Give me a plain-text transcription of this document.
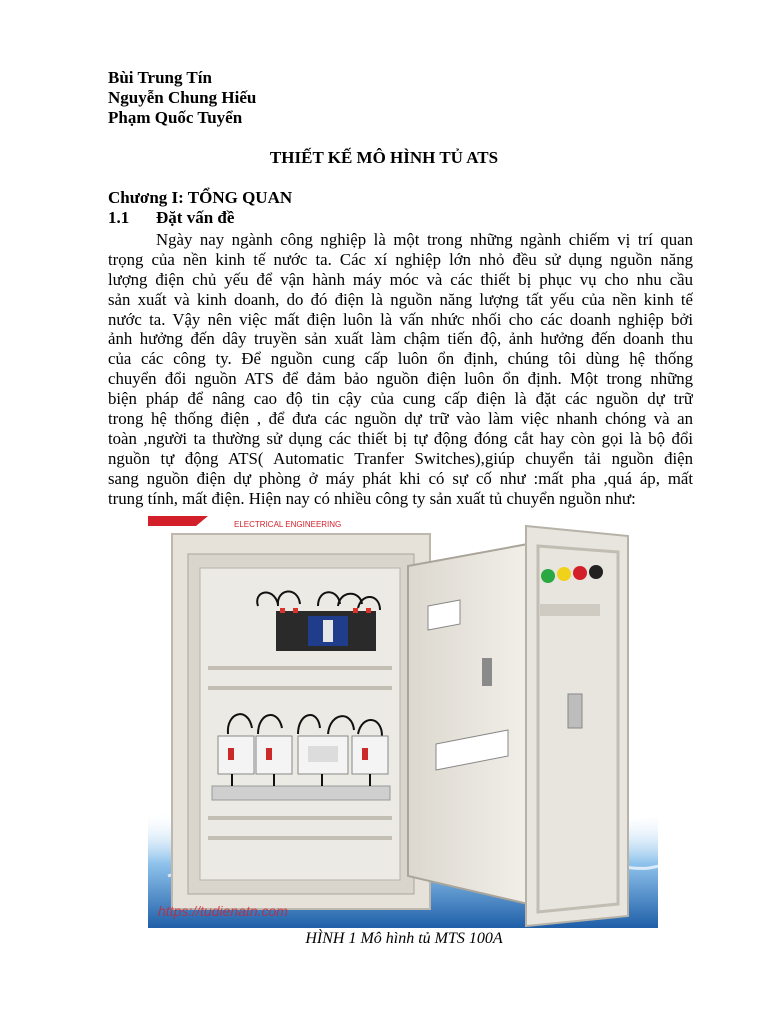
Bùi Trung Tín
Nguyễn Chung Hiếu
Phạm Quốc Tuyển
THIẾT KẾ MÔ HÌNH TỦ ATS
Chương I: TỔNG QUAN
1.1 Đặt vấn đề
Ngày nay ngành công nghiệp là một trong những ngành chiếm vị trí quan
trọng của nền kinh tế nước ta. Các xí nghiệp lớn nhỏ đều sử dụng nguồn năng
lượng điện chủ yếu để vận hành máy móc và các thiết bị phục vụ cho nhu cầu
sản xuất và kinh doanh, do đó điện là nguồn năng lượng tất yếu của nền kinh tế
nước ta. Vậy nên việc mất điện luôn là vấn nhức nhối cho các doanh nghiệp bởi
ảnh hưởng đến dây truyền sản xuất làm chậm tiến độ, ảnh hưởng đến doanh thu
của các công ty. Để nguồn cung cấp luôn ổn định, chúng tôi dùng hệ thống
chuyển đổi nguồn ATS để đảm bảo nguồn điện luôn ổn định. Một trong những
biện pháp để nâng cao độ tin cậy của cung cấp điện là đặt các nguồn dự trữ
trong hệ thống điện , để đưa các nguồn dự trữ vào làm việc nhanh chóng và an
toàn ,người ta thường sử dụng các thiết bị tự động đóng cắt hay còn gọi là bộ đổi
nguồn tự động ATS( Automatic Tranfer Switches),giúp chuyển tải nguồn điện
sang nguồn điện dự phòng ở máy phát khi có sự cố như :mất pha ,quá áp, mất
trung tính, mất điện. Hiện nay có nhiều công ty sản xuất tủ chuyển nguồn như:
ELECTRICAL ENGINEERING
https://tudienatn.com
HÌNH 1 Mô hình tủ MTS 100A
